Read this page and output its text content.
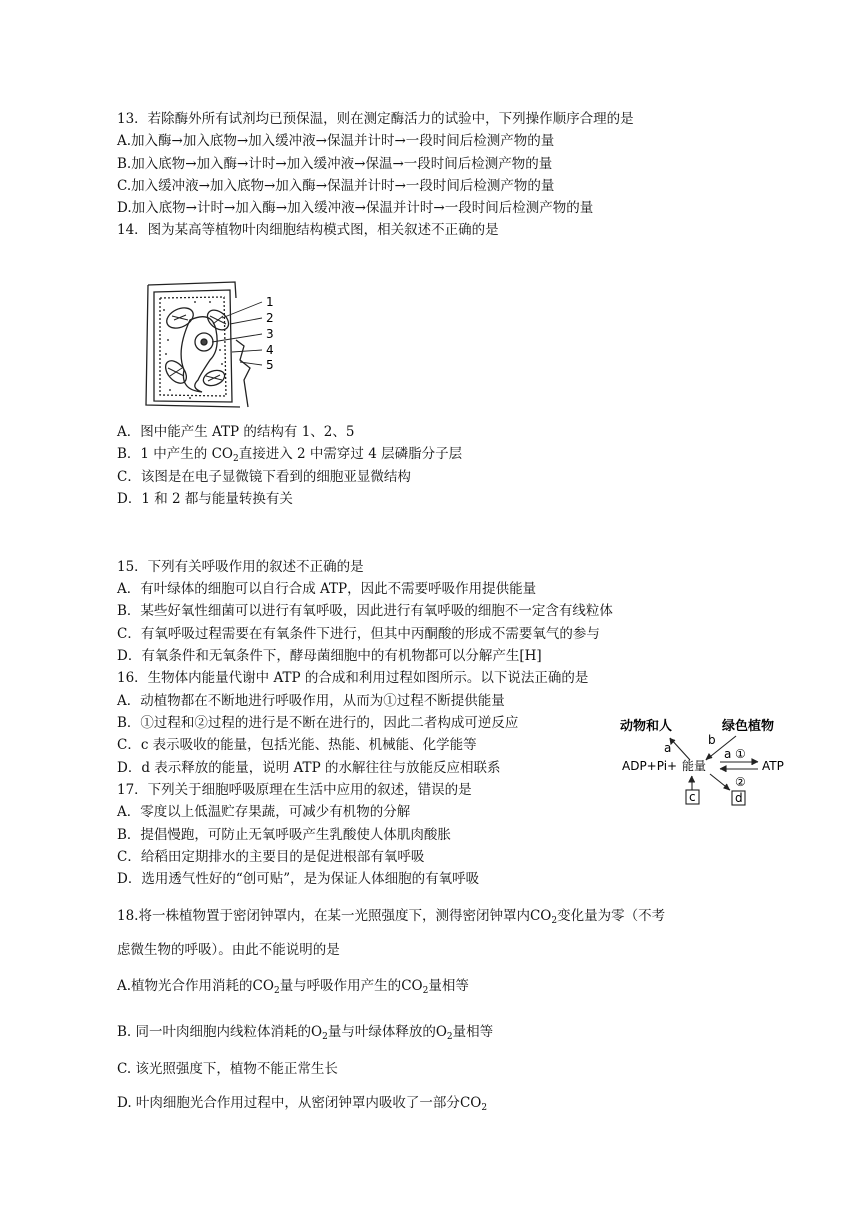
13．若除酶外所有试剂均已预保温，则在测定酶活力的试验中，下列操作顺序合理的是
A.加入酶→加入底物→加入缓冲液→保温并计时→一段时间后检测产物的量
B.加入底物→加入酶→计时→加入缓冲液→保温→一段时间后检测产物的量
C.加入缓冲液→加入底物→加入酶→保温并计时→一段时间后检测产物的量
D.加入底物→计时→加入酶→加入缓冲液→保温并计时→一段时间后检测产物的量
14．图为某高等植物叶肉细胞结构模式图，相关叙述不正确的是
1
2
3
4
5
A．图中能产生 ATP 的结构有 1、2、5
B．1 中产生的 $CO_2$直接进入 2 中需穿过 4 层磷脂分子层
C．该图是在电子显微镜下看到的细胞亚显微结构
D．1 和 2 都与能量转换有关
15．下列有关呼吸作用的叙述不正确的是
A．有叶绿体的细胞可以自行合成 ATP，因此不需要呼吸作用提供能量
B．某些好氧性细菌可以进行有氧呼吸，因此进行有氧呼吸的细胞不一定含有线粒体
C．有氧呼吸过程需要在有氧条件下进行，但其中丙酮酸的形成不需要氧气的参与
D．有氧条件和无氧条件下，酵母菌细胞中的有机物都可以分解产生[H]
16．生物体内能量代谢中 ATP 的合成和利用过程如图所示。以下说法正确的是
A．动植物都在不断地进行呼吸作用，从而为①过程不断提供能量
B．①过程和②过程的进行是不断在进行的，因此二者构成可逆反应
C．c 表示吸收的能量，包括光能、热能、机械能、化学能等
D．d 表示释放的能量，说明 ATP 的水解往往与放能反应相联系
动物和人	绿色植物
a
b
a ①
②
ADP+Pi+ 能量	ATP
c	d
17．下列关于细胞呼吸原理在生活中应用的叙述，错误的是
A．零度以上低温贮存果蔬，可减少有机物的分解
B．提倡慢跑，可防止无氧呼吸产生乳酸使人体肌肉酸胀
C．给稻田定期排水的主要目的是促进根部有氧呼吸
D．选用透气性好的“创可贴”，是为保证人体细胞的有氧呼吸
18.将一株植物置于密闭钟罩内，在某一光照强度下，测得密闭钟罩内$CO_2$变化量为零（不考
虑微生物的呼吸）。由此不能说明的是
A.植物光合作用消耗的$CO_2$量与呼吸作用产生的$CO_2$量相等
B. 同一叶肉细胞内线粒体消耗的$O_2$量与叶绿体释放的$O_2$量相等
C. 该光照强度下，植物不能正常生长
D. 叶肉细胞光合作用过程中，从密闭钟罩内吸收了一部分$CO_2$
